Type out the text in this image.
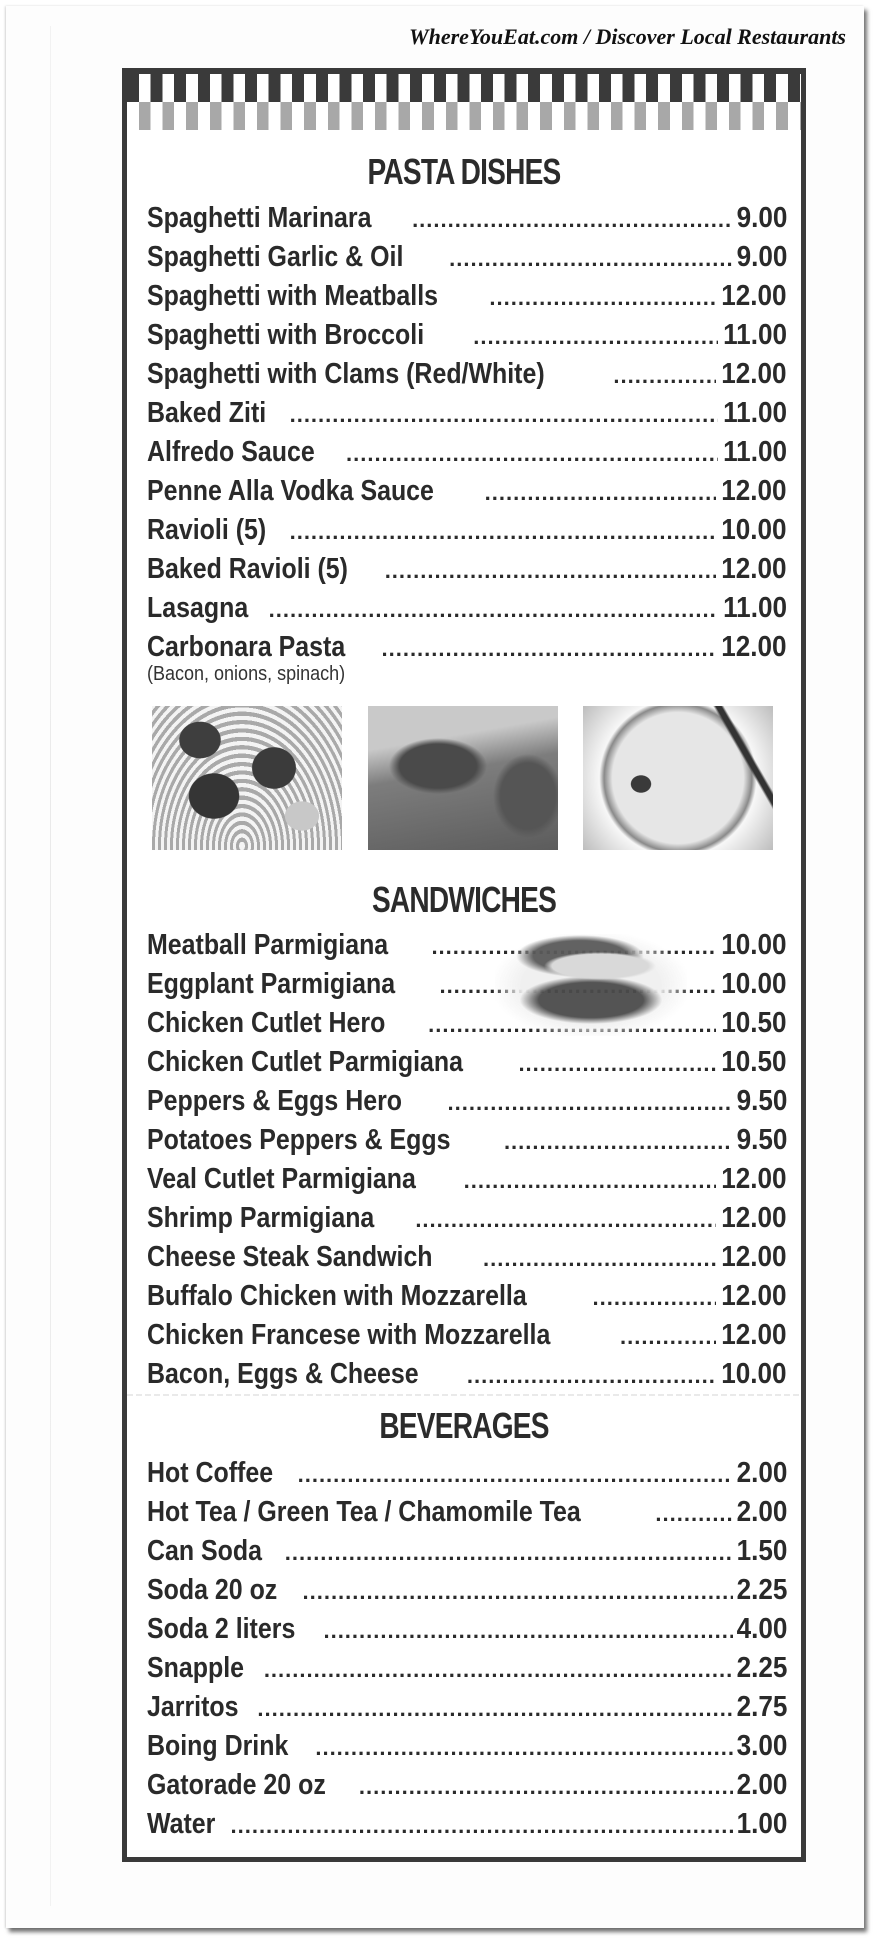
WhereYouEat.com / Discover Local Restaurants
PASTA DISHES
Spaghetti Marinara .....	9.00
Spaghetti Garlic & Oil .....	9.00
Spaghetti with Meatballs .....	12.00
Spaghetti with Broccoli .....	11.00
Spaghetti with Clams (Red/White) .....	12.00
Baked Ziti .....	11.00
Alfredo Sauce .....	11.00
Penne Alla Vodka Sauce .....	12.00
Ravioli (5) .....	10.00
Baked Ravioli (5) .....	12.00
Lasagna .....	11.00
Carbonara Pasta .....	12.00
(Bacon, onions, spinach)
SANDWICHES
Meatball Parmigiana .....	10.00
Eggplant Parmigiana .....	10.00
Chicken Cutlet Hero .....	10.50
Chicken Cutlet Parmigiana .....	10.50
Peppers & Eggs Hero .....	9.50
Potatoes Peppers & Eggs .....	9.50
Veal Cutlet Parmigiana .....	12.00
Shrimp Parmigiana .....	12.00
Cheese Steak Sandwich .....	12.00
Buffalo Chicken with Mozzarella .....	12.00
Chicken Francese with Mozzarella .....	12.00
Bacon, Eggs & Cheese .....	10.00
BEVERAGES
Hot Coffee .....	2.00
Hot Tea / Green Tea / Chamomile Tea .....	2.00
Can Soda .....	1.50
Soda 20 oz .....	2.25
Soda 2 liters .....	4.00
Snapple .....	2.25
Jarritos .....	2.75
Boing Drink .....	3.00
Gatorade 20 oz .....	2.00
Water .....	1.00
